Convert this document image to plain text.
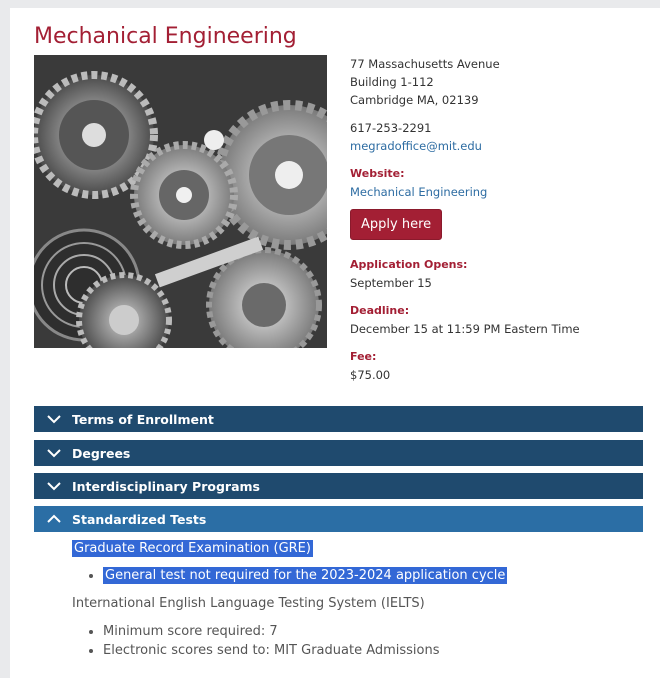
Mechanical Engineering

77 Massachusetts Avenue

Building 1-112

Cambridge MA, 02139

617-253-2291

megradoffice@mit.edu

Website:

Mechanical Engineering

Apply here

Application Opens:

September 15

Deadline:

December 15 at 11:59 PM Eastern Time

Fee:

$75.00

Terms of Enrollment
Degrees
Interdisciplinary Programs
Standardized Tests

Graduate Record Examination (GRE)

• General test not required for the 2023-2024 application cycle

International English Language Testing System (IELTS)

• Minimum score required: 7
• Electronic scores send to: MIT Graduate Admissions
